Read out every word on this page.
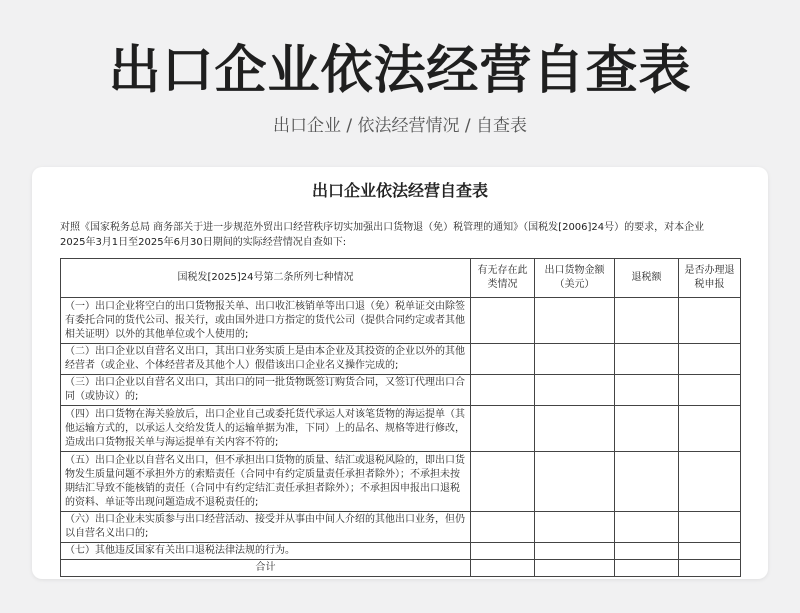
出口企业依法经营自查表
出口企业 / 依法经营情况 / 自查表
出口企业依法经营自查表
对照《国家税务总局 商务部关于进一步规范外贸出口经营秩序切实加强出口货物退（免）税管理的通知》（国税发[2006]24号）的要求，对本企业
2025年3月1日至2025年6月30日期间的实际经营情况自查如下:
国税发[2025]24号第二条所列七种情况	有无存在此类情况	出口货物金额（美元）	退税额	是否办理退税申报
（一）出口企业将空白的出口货物报关单、出口收汇核销单等出口退（免）税单证交由除签有委托合同的货代公司、报关行，或由国外进口方指定的货代公司（提供合同约定或者其他相关证明）以外的其他单位或个人使用的;				
（二）出口企业以自营名义出口，其出口业务实质上是由本企业及其投资的企业以外的其他经营者（或企业、个体经营者及其他个人）假借该出口企业名义操作完成的;				
（三）出口企业以自营名义出口，其出口的同一批货物既签订购货合同，又签订代理出口合同（或协议）的;				
（四）出口货物在海关验放后，出口企业自己或委托货代承运人对该笔货物的海运提单（其他运输方式的，以承运人交给发货人的运输单据为准，下同）上的品名、规格等进行修改，造成出口货物报关单与海运提单有关内容不符的;				
（五）出口企业以自营名义出口，但不承担出口货物的质量、结汇或退税风险的，即出口货物发生质量问题不承担外方的索赔责任（合同中有约定质量责任承担者除外）；不承担未按期结汇导致不能核销的责任（合同中有约定结汇责任承担者除外）；不承担因申报出口退税的资料、单证等出现问题造成不退税责任的;				
（六）出口企业未实质参与出口经营活动、接受并从事由中间人介绍的其他出口业务，但仍以自营名义出口的;				
（七）其他违反国家有关出口退税法律法规的行为。				
合计				
